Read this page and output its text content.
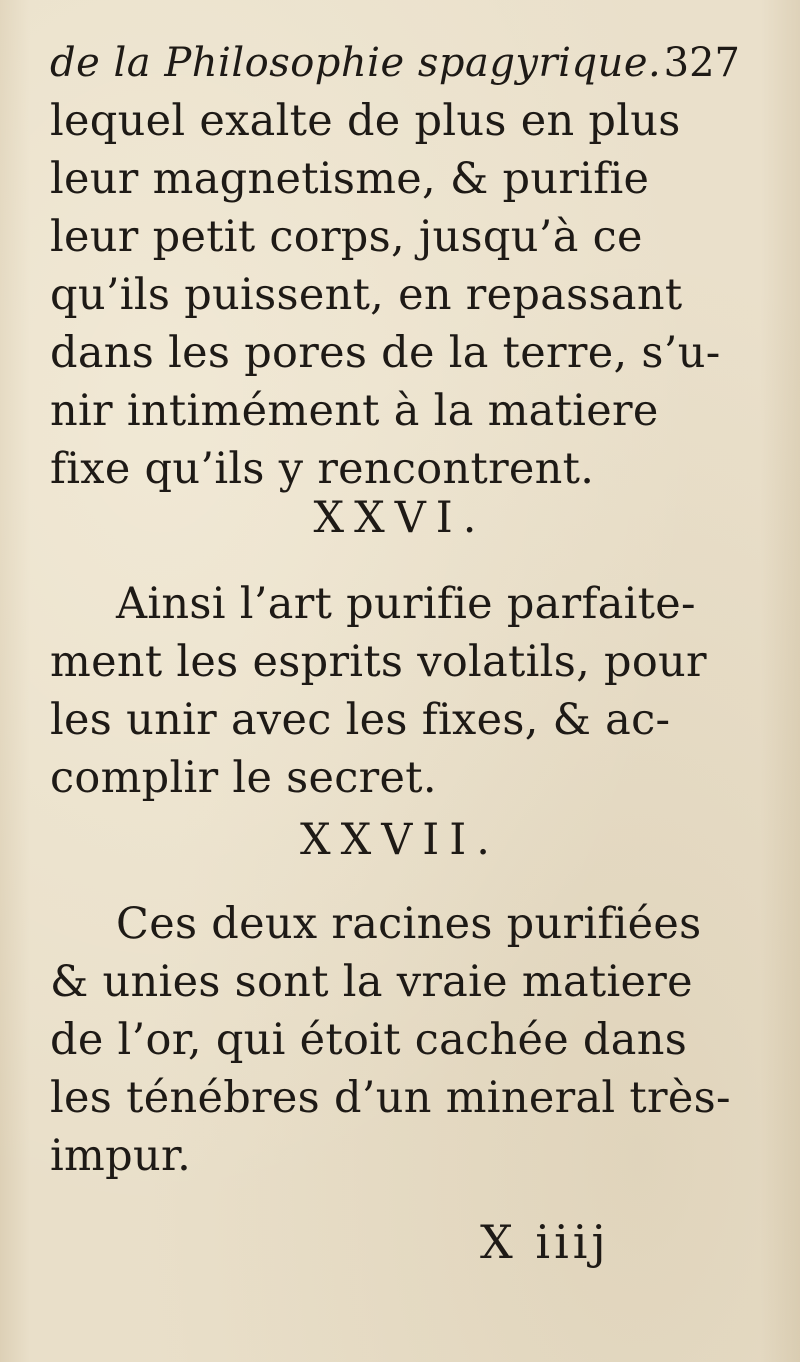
de la Philosophie spagyrique. 327
lequel exalte de plus en plus
leur magnetisme, & purifie
leur petit corps, jusqu’à ce
qu’ils puissent, en repassant
dans les pores de la terre, s’u-
nir intimément à la matiere
fixe qu’ils y rencontrent.
XXVI.
Ainsi l’art purifie parfaite-
ment les esprits volatils, pour
les unir avec les fixes, & ac-
complir le secret.
XXVII.
Ces deux racines purifiées
& unies sont la vraie matiere
de l’or, qui étoit cachée dans
les ténébres d’un mineral très-
impur.
X iiij
